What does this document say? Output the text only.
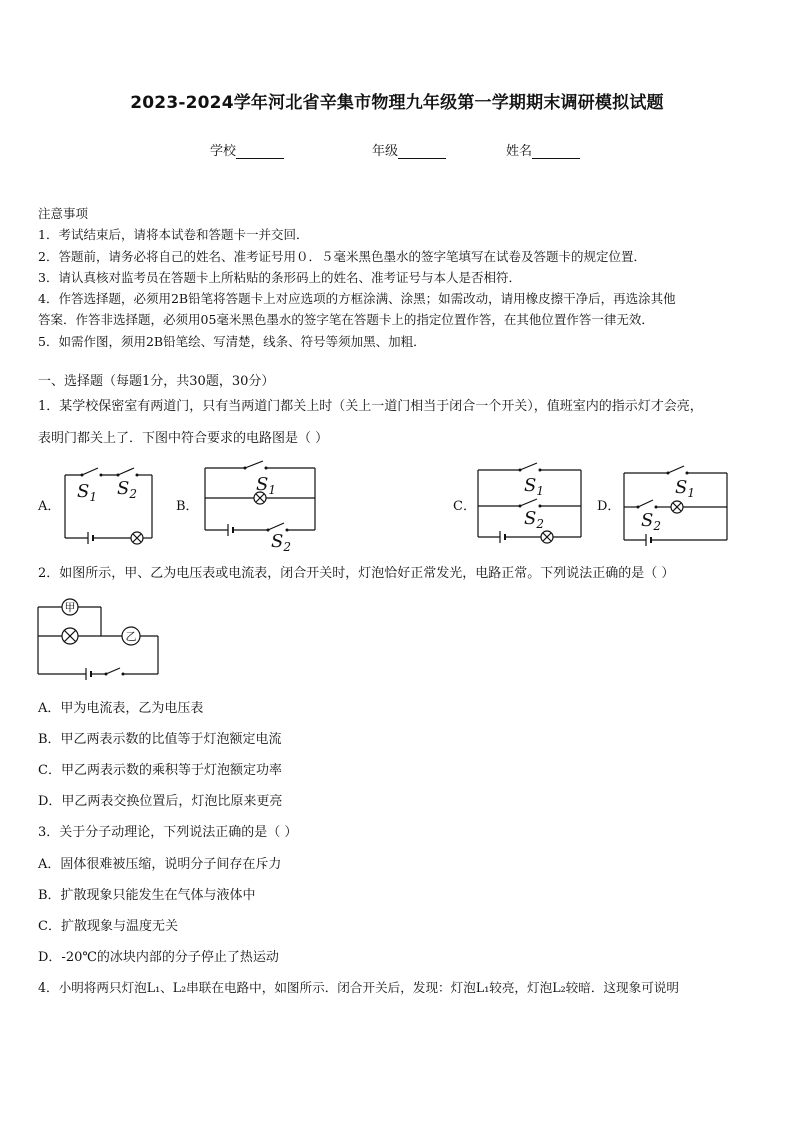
2023-2024学年河北省辛集市物理九年级第一学期期末调研模拟试题
学校	年级	姓名
注意事项
1．考试结束后，请将本试卷和答题卡一并交回．
2．答题前，请务必将自己的姓名、准考证号用０．５毫米黑色墨水的签字笔填写在试卷及答题卡的规定位置．
3．请认真核对监考员在答题卡上所粘贴的条形码上的姓名、准考证号与本人是否相符．
4．作答选择题，必须用2B铅笔将答题卡上对应选项的方框涂满、涂黑；如需改动，请用橡皮擦干净后，再选涂其他
答案．作答非选择题，必须用05毫米黑色墨水的签字笔在答题卡上的指定位置作答，在其他位置作答一律无效．
5．如需作图，须用2B铅笔绘、写清楚，线条、符号等须加黑、加粗．
一、选择题（每题1分，共30题，30分）
1．某学校保密室有两道门，只有当两道门都关上时（关上一道门相当于闭合一个开关），值班室内的指示灯才会亮，
表明门都关上了．下图中符合要求的电路图是（ ）
A．	B．	C．	D．
$S_1$ $S_2$	$S_1$
$S_2$
$S_1$
$S_2$
$S_1$
$S_2$
甲
乙
2．如图所示，甲、乙为电压表或电流表，闭合开关时，灯泡恰好正常发光，电路正常。下列说法正确的是（ ）
A．甲为电流表，乙为电压表
B．甲乙两表示数的比值等于灯泡额定电流
C．甲乙两表示数的乘积等于灯泡额定功率
D．甲乙两表交换位置后，灯泡比原来更亮
3．关于分子动理论，下列说法正确的是（ ）
A．固体很难被压缩，说明分子间存在斥力
B．扩散现象只能发生在气体与液体中
C．扩散现象与温度无关
D．-20℃的冰块内部的分子停止了热运动
4．小明将两只灯泡L₁、L₂串联在电路中，如图所示．闭合开关后，发现：灯泡L₁较亮，灯泡L₂较暗．这现象可说明
